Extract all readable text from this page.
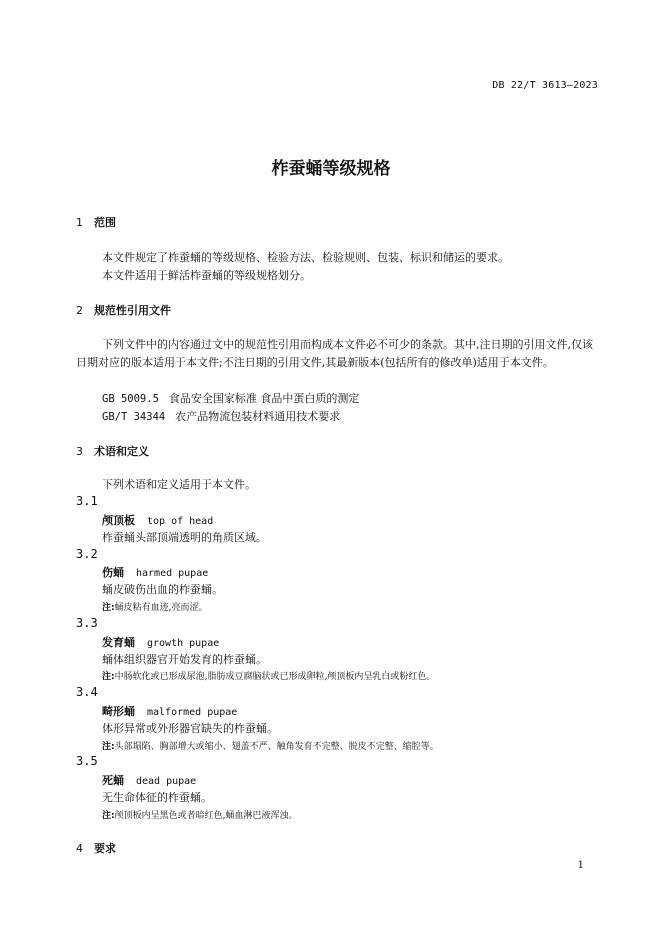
DB 22/T 3613—2023
柞蚕蛹等级规格
1 范围
本文件规定了柞蚕蛹的等级规格、检验方法、检验规则、包装、标识和储运的要求。
本文件适用于鲜活柞蚕蛹的等级规格划分。
2 规范性引用文件
下列文件中的内容通过文中的规范性引用而构成本文件必不可少的条款。其中,注日期的引用文件,仅该日期对应的版本适用于本文件;不注日期的引用文件,其最新版本(包括所有的修改单)适用于本文件。
GB 5009.5 食品安全国家标准 食品中蛋白质的测定
GB/T 34344 农产品物流包装材料通用技术要求
3 术语和定义
下列术语和定义适用于本文件。
3.1
颅顶板 top of head
柞蚕蛹头部顶端透明的角质区域。
3.2
伤蛹 harmed pupae
蛹皮破伤出血的柞蚕蛹。
注:蛹皮粘有血迹,亮而涩。
3.3
发育蛹 growth pupae
蛹体组织器官开始发育的柞蚕蛹。
注:中肠软化或已形成尿泡,脂肪成豆腐脑状或已形成卵粒,颅顶板内呈乳白或粉红色。
3.4
畸形蛹 malformed pupae
体形异常或外形器官缺失的柞蚕蛹。
注:头部塌陷、胸部增大或缩小、翅盖不严、触角发育不完整、脱皮不完整、缩腔等。
3.5
死蛹 dead pupae
无生命体征的柞蚕蛹。
注:颅顶板内呈黑色或者暗红色,蛹血淋巴液浑浊。
4 要求
1
